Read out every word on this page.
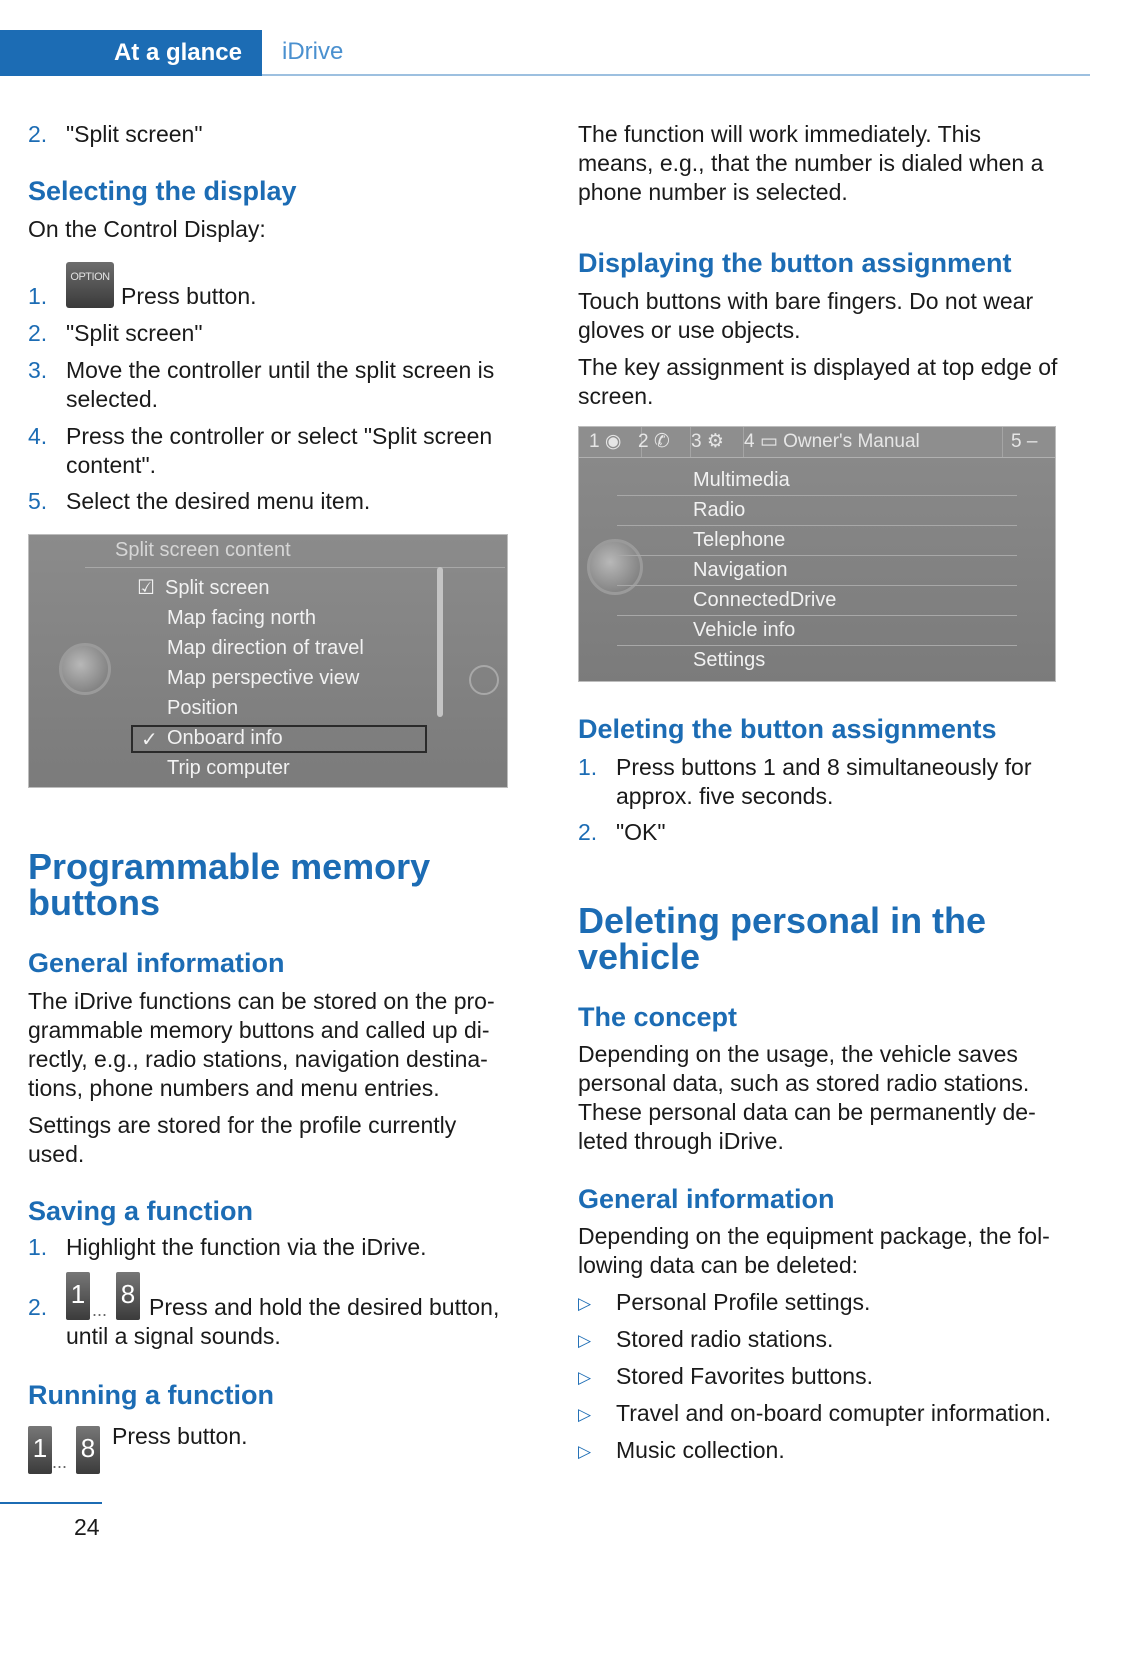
At a glance iDrive
2. "Split screen"

Selecting the display

On the Control Display:

1.
OPTION

Press button.

2. "Split screen"

3. Move the controller until the split screen is

selected.

4. Press the controller or select "Split screen

content".

5. Select the desired menu item.

Split screen content
☑ Split screen
Map facing north
Map direction of travel
Map perspective view
Position
✓ Onboard info
Trip computer
Programmable memory
buttons
General information

The iDrive functions can be stored on the pro-

grammable memory buttons and called up di-

rectly, e.g., radio stations, navigation destina-

tions, phone numbers and menu entries.

Settings are stored for the profile currently

used.

Saving a function
1. Highlight the function via the iDrive.

2. 1
...
8 Press and hold the desired button,

until a signal sounds.

Running a function
1 ... 8 Press button.

24

The function will work immediately. This

means, e.g., that the number is dialed when a

phone number is selected.

Displaying the button assignment

Touch buttons with bare fingers. Do not wear

gloves or use objects.

The key assignment is displayed at top edge of

screen.

1 ◉ 2 ✆	3 ⚙	4 ▭ Owner's Manual	5 –
Multimedia
Radio
Telephone
Navigation
ConnectedDrive
Vehicle info
Settings
Deleting the button assignments
1. Press buttons 1 and 8 simultaneously for

approx. five seconds.

2. "OK"

Deleting personal in the
vehicle
The concept

Depending on the usage, the vehicle saves

personal data, such as stored radio stations.

These personal data can be permanently de-

leted through iDrive.

General information

Depending on the equipment package, the fol-

lowing data can be deleted:

▷ Personal Profile settings.

▷ Stored radio stations.

▷ Stored Favorites buttons.

▷ Travel and on-board comupter information.

▷ Music collection.
